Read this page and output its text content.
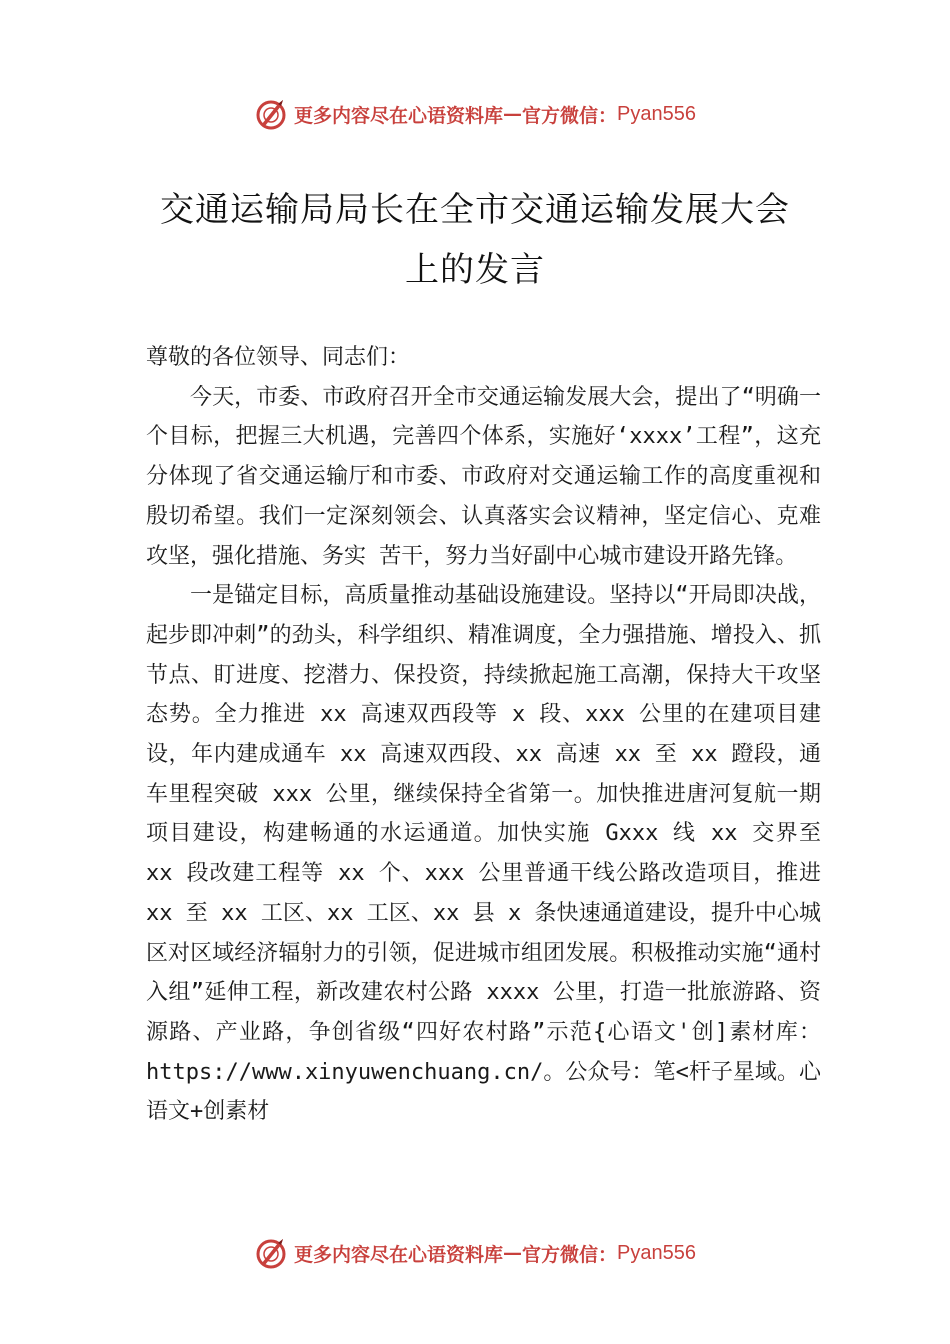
更多内容尽在心语资料库 — 官方微信： Pyan556
交通运输局局长在全市交通运输发展大会
上的发言

尊敬的各位领导、同志们：

今天，市委、市政府召开全市交通运输发展大会，提出了“明确一个目标，把握三大机遇，完善四个体系，实施好‘xxxx’工程”，这充分体现了省交通运输厅和市委、市政府对交通运输工作的高度重视和殷切希望。我们一定深刻领会、认真落实会议精神，坚定信心、克难攻坚，强化措施、务实 苦干，努力当好副中心城市建设开路先锋。

一是锚定目标，高质量推动基础设施建设。坚持以“开局即决战，起步即冲刺”的劲头，科学组织、精准调度，全力强措施、增投入、抓节点、盯进度、挖潜力、保投资，持续掀起施工高潮，保持大干攻坚态势。全力推进 xx 高速双西段等 x 段、xxx 公里的在建项目建设，年内建成通车 xx 高速双西段、xx 高速 xx 至 xx 蹬段，通车里程突破 xxx 公里，继续保持全省第一。加快推进唐河复航一期项目建设，构建畅通的水运通道。加快实施 Gxxx 线 xx 交界至 xx 段改建工程等 xx 个、xxx 公里普通干线公路改造项目，推进 xx 至 xx 工区、xx 工区、xx 县 x 条快速通道建设，提升中心城区对区域经济辐射力的引领，促进城市组团发展。积极推动实施“通村入组”延伸工程，新改建农村公路 xxxx 公里，打造一批旅游路、资源路、产业路，争创省级“四好农村路”示范{心语文'创]素材库：https://www.xinyuwenchuang.cn/。公众号：笔<杆子星域。心语文+创素材

更多内容尽在心语资料库 — 官方微信： Pyan556
